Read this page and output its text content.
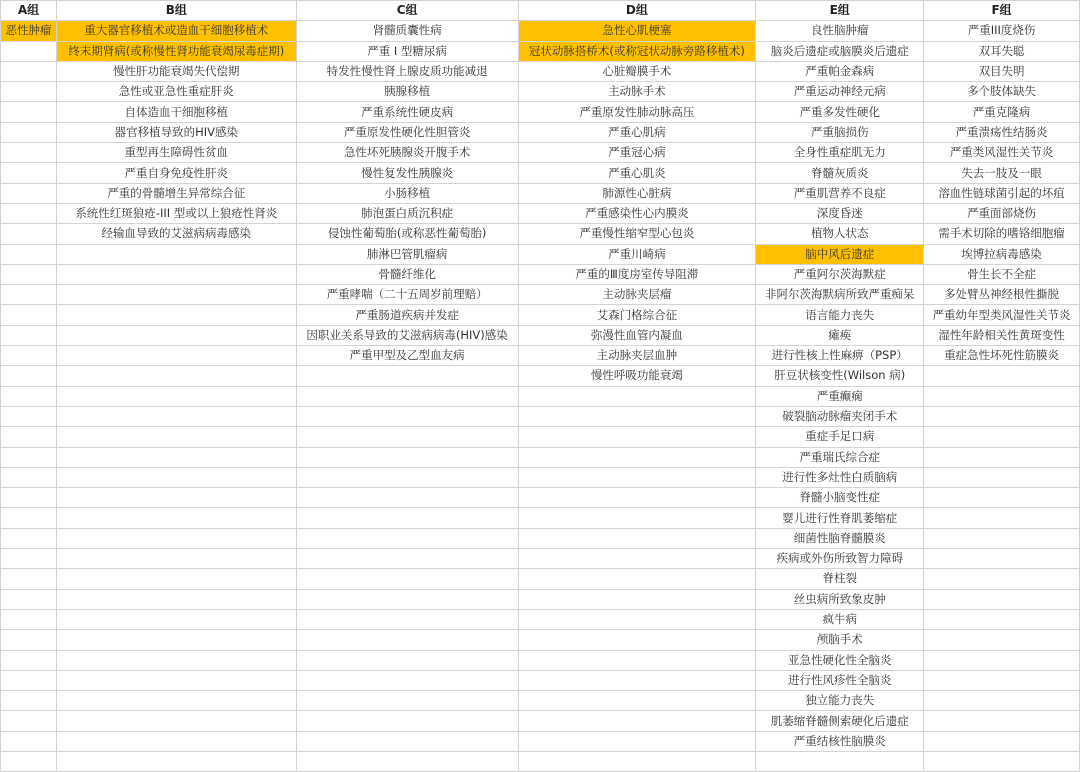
A组	B组	C组	D组	E组	F组
恶性肿瘤	重大器官移植术或造血干细胞移植术	肾髓质囊性病	急性心肌梗塞	良性脑肿瘤	严重III度烧伤
	终末期肾病(或称慢性肾功能衰竭尿毒症期)	严重 I 型糖尿病	冠状动脉搭桥术(或称冠状动脉旁路移植术)	脑炎后遗症或脑膜炎后遗症	双耳失聪
	慢性肝功能衰竭失代偿期	特发性慢性肾上腺皮质功能减退	心脏瓣膜手术	严重帕金森病	双目失明
	急性或亚急性重症肝炎	胰腺移植	主动脉手术	严重运动神经元病	多个肢体缺失
	自体造血干细胞移植	严重系统性硬皮病	严重原发性肺动脉高压	严重多发性硬化	严重克隆病
	器官移植导致的HIV感染	严重原发性硬化性胆管炎	严重心肌病	严重脑损伤	严重溃疡性结肠炎
	重型再生障碍性贫血	急性坏死胰腺炎开腹手术	严重冠心病	全身性重症肌无力	严重类风湿性关节炎
	严重自身免疫性肝炎	慢性复发性胰腺炎	严重心肌炎	脊髓灰质炎	失去一肢及一眼
	严重的骨髓增生异常综合征	小肠移植	肺源性心脏病	严重肌营养不良症	溶血性链球菌引起的坏疽
	系统性红斑狼疮-III 型或以上狼疮性肾炎	肺泡蛋白质沉积症	严重感染性心内膜炎	深度昏迷	严重面部烧伤
	经输血导致的艾滋病病毒感染	侵蚀性葡萄胎(或称恶性葡萄胎)	严重慢性缩窄型心包炎	植物人状态	需手术切除的嗜铬细胞瘤
		肺淋巴管肌瘤病	严重川崎病	脑中风后遗症	埃博拉病毒感染
		骨髓纤维化	严重的Ⅲ度房室传导阻滞	严重阿尔茨海默症	骨生长不全症
		严重哮喘（二十五周岁前理赔）	主动脉夹层瘤	非阿尔茨海默病所致严重痴呆	多处臂丛神经根性撕脱
		严重肠道疾病并发症	艾森门格综合征	语言能力丧失	严重幼年型类风湿性关节炎
		因职业关系导致的艾滋病病毒(HIV)感染	弥漫性血管内凝血	瘫痪	湿性年龄相关性黄斑变性
		严重甲型及乙型血友病	主动脉夹层血肿	进行性核上性麻痹（PSP）	重症急性坏死性筋膜炎
			慢性呼吸功能衰竭	肝豆状核变性(Wilson 病)	
				严重癫痫	
				破裂脑动脉瘤夹闭手术	
				重症手足口病	
				严重瑞氏综合症	
				进行性多灶性白质脑病	
				脊髓小脑变性症	
				婴儿进行性脊肌萎缩症	
				细菌性脑脊髓膜炎	
				疾病或外伤所致智力障碍	
				脊柱裂	
				丝虫病所致象皮肿	
				疯牛病	
				颅脑手术	
				亚急性硬化性全脑炎	
				进行性风疹性全脑炎	
				独立能力丧失	
				肌萎缩脊髓侧索硬化后遗症	
				严重结核性脑膜炎	
